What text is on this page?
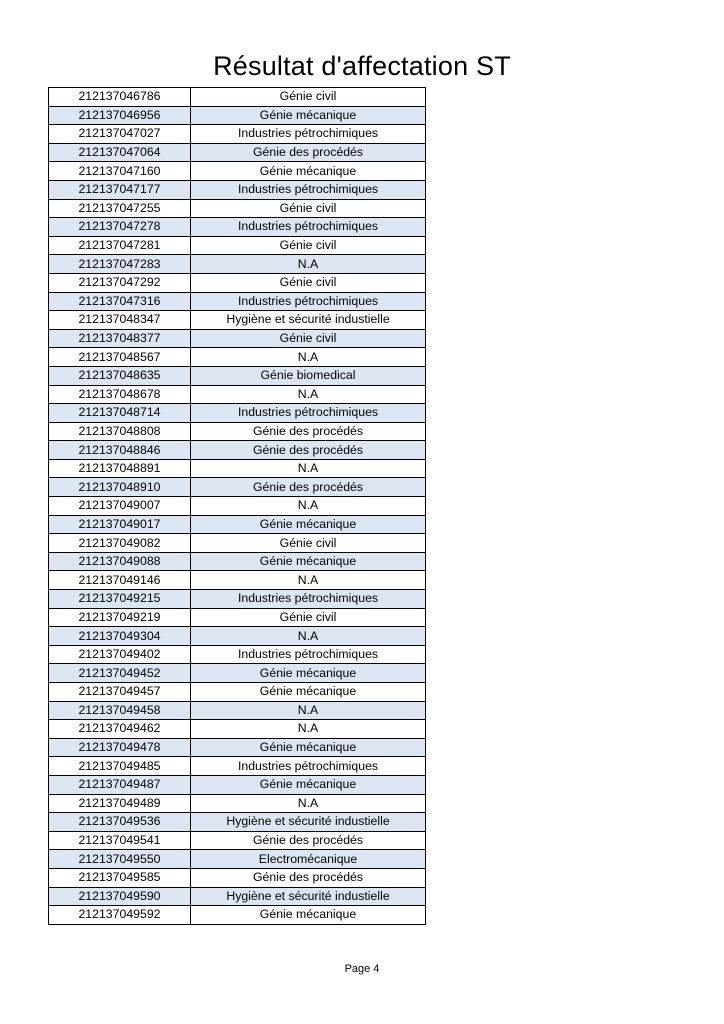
Résultat d'affectation ST
212137046786	Génie civil
212137046956	Génie mécanique
212137047027	Industries pétrochimiques
212137047064	Génie des procédés
212137047160	Génie mécanique
212137047177	Industries pétrochimiques
212137047255	Génie civil
212137047278	Industries pétrochimiques
212137047281	Génie civil
212137047283	N.A
212137047292	Génie civil
212137047316	Industries pétrochimiques
212137048347	Hygiène et sécurité industielle
212137048377	Génie civil
212137048567	N.A
212137048635	Génie biomedical
212137048678	N.A
212137048714	Industries pétrochimiques
212137048808	Génie des procédés
212137048846	Génie des procédés
212137048891	N.A
212137048910	Génie des procédés
212137049007	N.A
212137049017	Génie mécanique
212137049082	Génie civil
212137049088	Génie mécanique
212137049146	N.A
212137049215	Industries pétrochimiques
212137049219	Génie civil
212137049304	N.A
212137049402	Industries pétrochimiques
212137049452	Génie mécanique
212137049457	Génie mécanique
212137049458	N.A
212137049462	N.A
212137049478	Génie mécanique
212137049485	Industries pétrochimiques
212137049487	Génie mécanique
212137049489	N.A
212137049536	Hygiène et sécurité industielle
212137049541	Génie des procédés
212137049550	Electromécanique
212137049585	Génie des procédés
212137049590	Hygiène et sécurité industielle
212137049592	Génie mécanique
Page 4
